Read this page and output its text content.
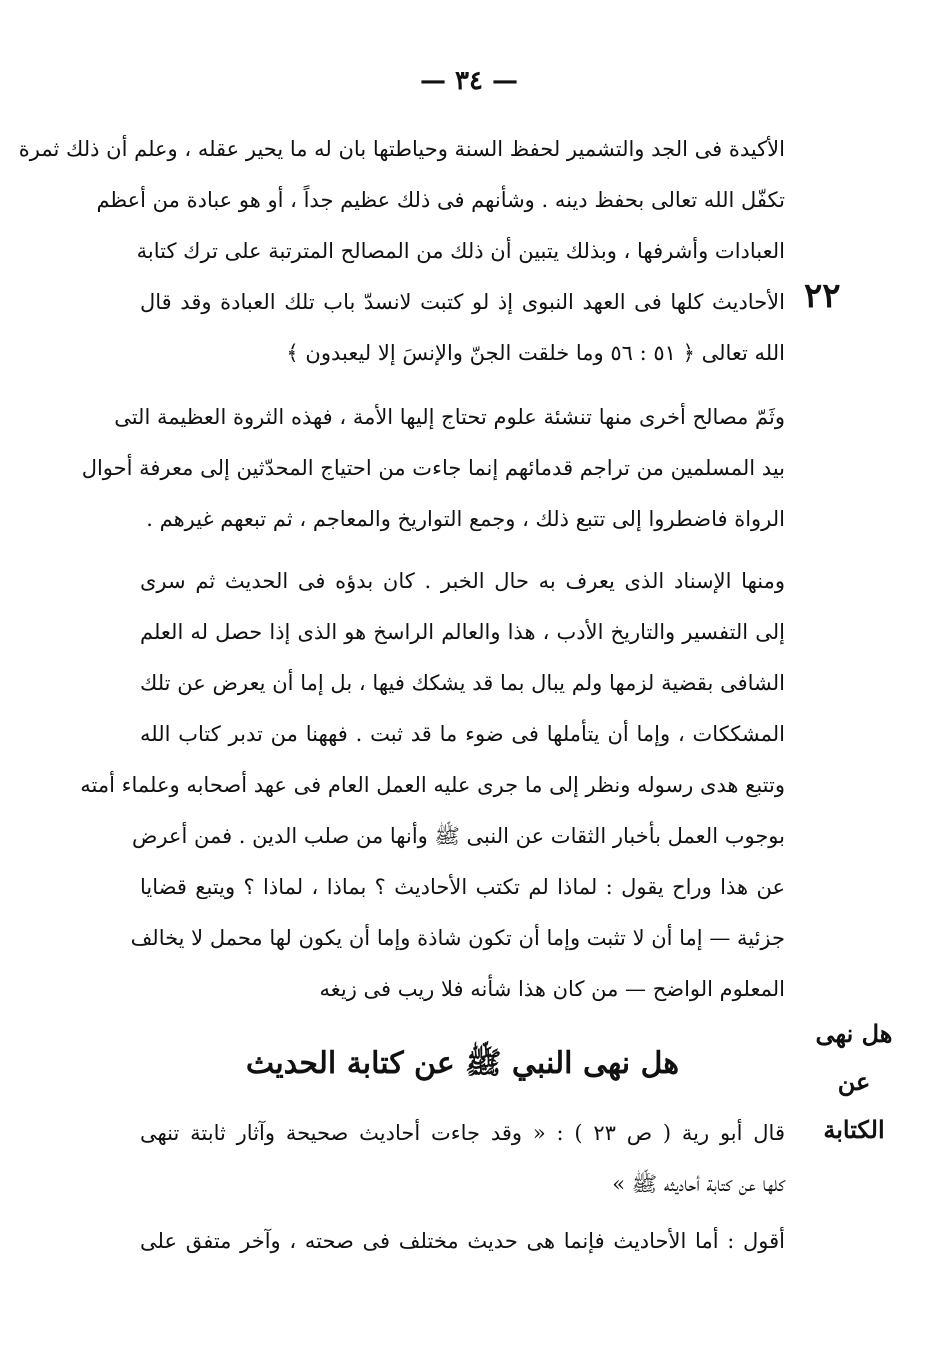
— ٣٤ —
٢٢
الأكيدة فى الجد والتشمير لحفظ السنة وحياطتها بان له ما يحير عقله ، وعلم أن ذلك ثمرة
تكفّل الله تعالى بحفظ دينه . وشأنهم فى ذلك عظيم جداً ، أو هو عبادة من أعظم
العبادات وأشرفها ، وبذلك يتبين أن ذلك من المصالح المترتبة على ترك كتابة
الأحاديث كلها فى العهد النبوى إذ لو كتبت لانسدّ باب تلك العبادة وقد قال
الله تعالى ﴿ ٥١ : ٥٦ وما خلقت الجنّ والإنسَ إلا ليعبدون ﴾
وثَمّ مصالح أخرى منها تنشئة علوم تحتاج إليها الأمة ، فهذه الثروة العظيمة التى
بيد المسلمين من تراجم قدمائهم إنما جاءت من احتياج المحدّثين إلى معرفة أحوال
الرواة فاضطروا إلى تتبع ذلك ، وجمع التواريخ والمعاجم ، ثم تبعهم غيرهم .
ومنها الإسناد الذى يعرف به حال الخبر . كان بدؤه فى الحديث ثم سرى
إلى التفسير والتاريخ الأدب ، هذا والعالم الراسخ هو الذى إذا حصل له العلم
الشافى بقضية لزمها ولم يبال بما قد يشكك فيها ، بل إما أن يعرض عن تلك
المشككات ، وإما أن يتأملها فى ضوء ما قد ثبت . فههنا من تدبر كتاب الله
وتتبع هدى رسوله ونظر إلى ما جرى عليه العمل العام فى عهد أصحابه وعلماء أمته
بوجوب العمل بأخبار الثقات عن النبى ﷺ وأنها من صلب الدين . فمن أعرض
عن هذا وراح يقول : لماذا لم تكتب الأحاديث ؟ بماذا ، لماذا ؟ ويتبع قضايا
جزئية — إما أن لا تثبت وإما أن تكون شاذة وإما أن يكون لها محمل لا يخالف
المعلوم الواضح — من كان هذا شأنه فلا ريب فى زيغه
هل نهى عن
الكتابة
هل نهى النبي ﷺ عن كتابة الحديث
قال أبو رية ( ص ٢٣ ) : « وقد جاءت أحاديث صحيحة وآثار ثابتة تنهى
كلها عن كتابة أحاديثه ﷺ »
أقول : أما الأحاديث فإنما هى حديث مختلف فى صحته ، وآخر متفق على
